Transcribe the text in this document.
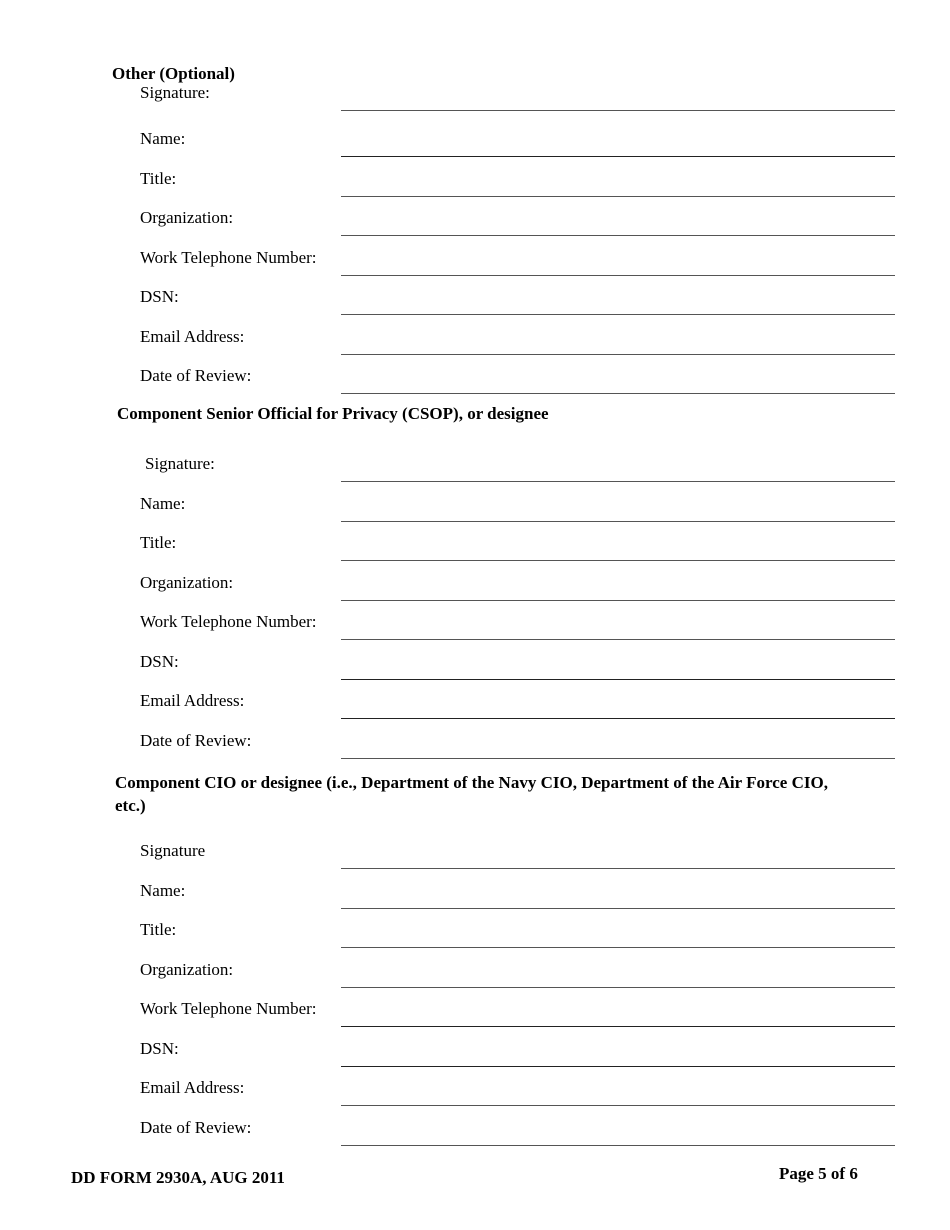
Other (Optional)
Signature:
Name:
Title:
Organization:
Work Telephone Number:
DSN:
Email Address:
Date of Review:
Component Senior Official for Privacy (CSOP), or designee
Signature:
Name:
Title:
Organization:
Work Telephone Number:
DSN:
Email Address:
Date of Review:
Component CIO or designee (i.e., Department of the Navy CIO, Department of the Air Force CIO,
etc.)
Signature
Name:
Title:
Organization:
Work Telephone Number:
DSN:
Email Address:
Date of Review:
DD FORM 2930A, AUG 2011	Page 5 of 6
